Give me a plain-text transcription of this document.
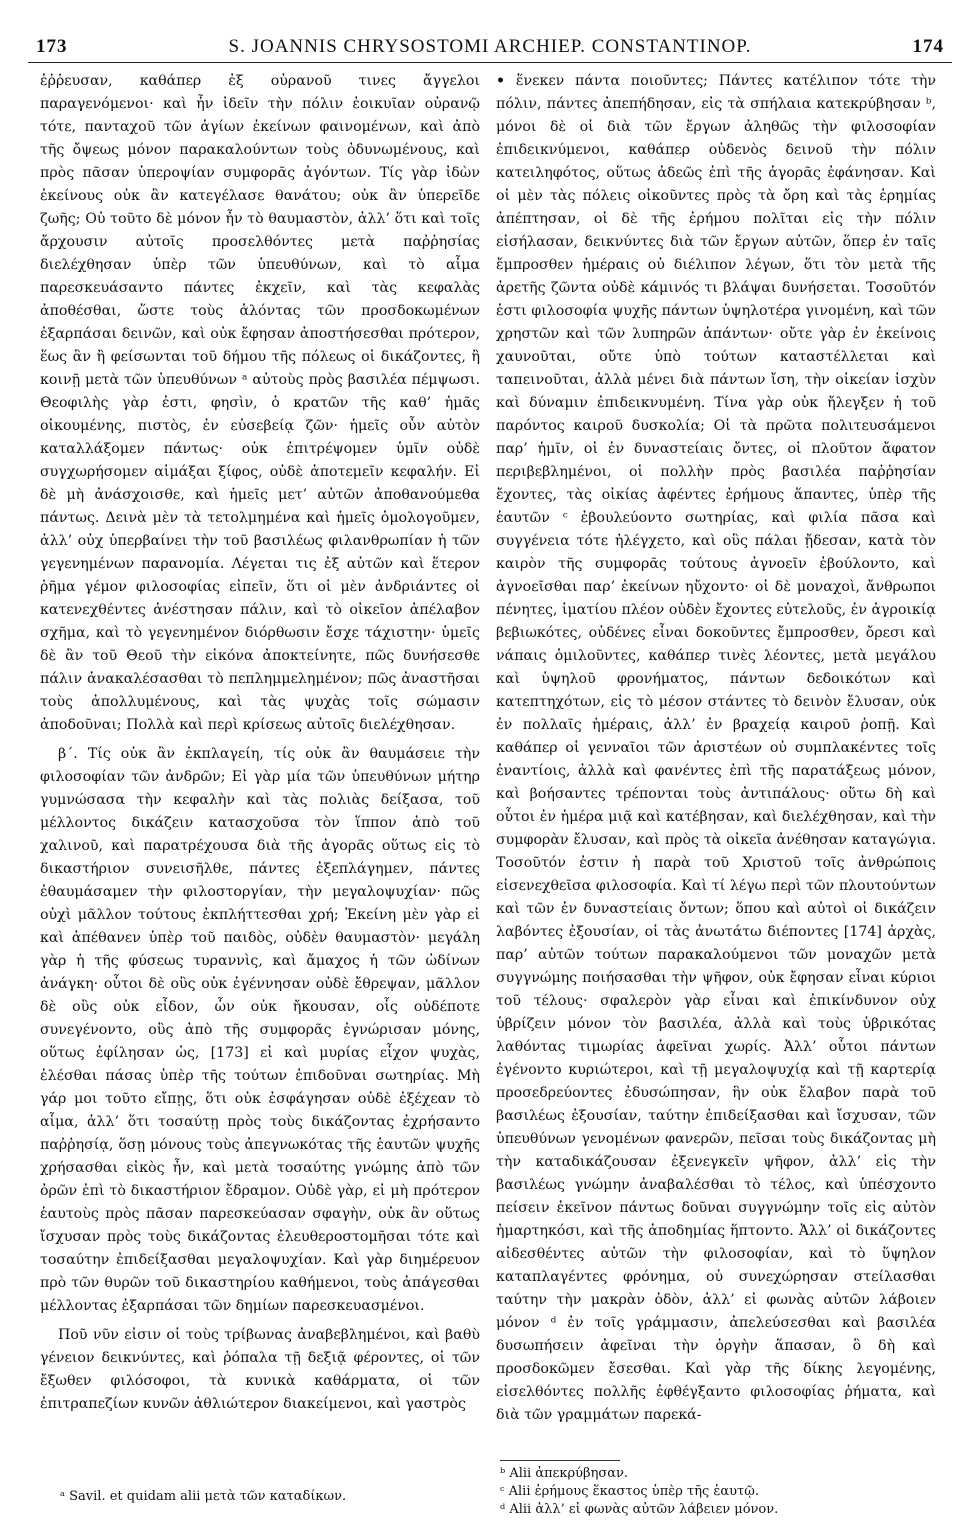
173	S. JOANNIS CHRYSOSTOMI ARCHIEP. CONSTANTINOP.	174

ἐῤῥευσαν, καθάπερ ἐξ οὐρανοῦ τινες ἄγγελοι παραγενόμενοι· καὶ ἦν ἰδεῖν τὴν πόλιν ἐοικυῖαν οὐρανῷ τότε, πανταχοῦ τῶν ἁγίων ἐκείνων φαινομένων, καὶ ἀπὸ τῆς ὄψεως μόνον παρακαλούντων τοὺς ὀδυνωμένους, καὶ πρὸς πᾶσαν ὑπεροψίαν συμφορᾶς ἀγόντων. Τίς γὰρ ἰδὼν ἐκείνους οὐκ ἂν κατεγέλασε θανάτου; οὐκ ἂν ὑπερεῖδε ζωῆς; Οὐ τοῦτο δὲ μόνον ἦν τὸ θαυμαστὸν, ἀλλ’ ὅτι καὶ τοῖς ἄρχουσιν αὐτοῖς προσελθόντες μετὰ παῤῥησίας διελέχθησαν ὑπὲρ τῶν ὑπευθύνων, καὶ τὸ αἷμα παρεσκευάσαντο πάντες ἐκχεῖν, καὶ τὰς κεφαλὰς ἀποθέσθαι, ὥστε τοὺς ἁλόντας τῶν προσδοκωμένων ἐξαρπάσαι δεινῶν, καὶ οὐκ ἔφησαν ἀποστήσεσθαι πρότερον, ἕως ἂν ἢ φείσωνται τοῦ δήμου τῆς πόλεως οἱ δικάζοντες, ἢ κοινῇ μετὰ τῶν ὑπευθύνων ᵃ αὐτοὺς πρὸς βασιλέα πέμψωσι. Θεοφιλὴς γὰρ ἐστι, φησὶν, ὁ κρατῶν τῆς καθ’ ἡμᾶς οἰκουμένης, πιστὸς, ἐν εὐσεβείᾳ ζῶν· ἡμεῖς οὖν αὐτὸν καταλλάξομεν πάντως· οὐκ ἐπιτρέψομεν ὑμῖν οὐδὲ συγχωρήσομεν αἱμάξαι ξίφος, οὐδὲ ἀποτεμεῖν κεφαλήν. Εἰ δὲ μὴ ἀνάσχοισθε, καὶ ἡμεῖς μετ’ αὐτῶν ἀποθανούμεθα πάντως. Δεινὰ μὲν τὰ τετολμημένα καὶ ἡμεῖς ὁμολογοῦμεν, ἀλλ’ οὐχ ὑπερβαίνει τὴν τοῦ βασιλέως φιλανθρωπίαν ἡ τῶν γεγενημένων παρανομία. Λέγεται τις ἐξ αὐτῶν καὶ ἕτερον ῥῆμα γέμον φιλοσοφίας εἰπεῖν, ὅτι οἱ μὲν ἀνδριάντες οἱ κατενεχθέντες ἀνέστησαν πάλιν, καὶ τὸ οἰκεῖον ἀπέλαβον σχῆμα, καὶ τὸ γεγενημένον διόρθωσιν ἔσχε τάχιστην· ὑμεῖς δὲ ἂν τοῦ Θεοῦ τὴν εἰκόνα ἀποκτείνητε, πῶς δυνήσεσθε πάλιν ἀνακαλέσασθαι τὸ πεπλημμελημένον; πῶς ἀναστῆσαι τοὺς ἀπολλυμένους, καὶ τὰς ψυχὰς τοῖς σώμασιν ἀποδοῦναι; Πολλὰ καὶ περὶ κρίσεως αὐτοῖς διελέχθησαν.

β΄. Τίς οὐκ ἂν ἐκπλαγείη, τίς οὐκ ἂν θαυμάσειε τὴν φιλοσοφίαν τῶν ἀνδρῶν; Εἰ γὰρ μία τῶν ὑπευθύνων μήτηρ γυμνώσασα τὴν κεφαλὴν καὶ τὰς πολιὰς δείξασα, τοῦ μέλλοντος δικάζειν κατασχοῦσα τὸν ἵππον ἀπὸ τοῦ χαλινοῦ, καὶ παρατρέχουσα διὰ τῆς ἀγορᾶς οὕτως εἰς τὸ δικαστήριον συνεισῆλθε, πάντες ἐξεπλάγημεν, πάντες ἐθαυμάσαμεν τὴν φιλοστοργίαν, τὴν μεγαλοψυχίαν· πῶς οὐχὶ μᾶλλον τούτους ἐκπλήττεσθαι χρή; Ἐκείνη μὲν γὰρ εἰ καὶ ἀπέθανεν ὑπὲρ τοῦ παιδὸς, οὐδὲν θαυμαστὸν· μεγάλη γὰρ ἡ τῆς φύσεως τυραννὶς, καὶ ἄμαχος ἡ τῶν ὠδίνων ἀνάγκη· οὗτοι δὲ οὓς οὐκ ἐγέννησαν οὐδὲ ἔθρεψαν, μᾶλλον δὲ οὓς οὐκ εἶδον, ὧν οὐκ ἤκουσαν, οἷς οὐδέποτε συνεγένοντο, οὓς ἀπὸ τῆς συμφορᾶς ἐγνώρισαν μόνης, οὕτως ἐφίλησαν ὡς, [173] εἰ καὶ μυρίας εἶχον ψυχὰς, ἑλέσθαι πάσας ὑπὲρ τῆς τούτων ἐπιδοῦναι σωτηρίας. Μὴ γάρ μοι τοῦτο εἴπῃς, ὅτι οὐκ ἐσφάγησαν οὐδὲ ἐξέχεαν τὸ αἷμα, ἀλλ’ ὅτι τοσαύτῃ πρὸς τοὺς δικάζοντας ἐχρήσαντο παῤῥησίᾳ, ὅσῃ μόνους τοὺς ἀπεγνωκότας τῆς ἑαυτῶν ψυχῆς χρήσασθαι εἰκὸς ἦν, καὶ μετὰ τοσαύτης γνώμης ἀπὸ τῶν ὀρῶν ἐπὶ τὸ δικαστήριον ἔδραμον. Οὐδὲ γὰρ, εἰ μὴ πρότερον ἑαυτοὺς πρὸς πᾶσαν παρεσκεύασαν σφαγὴν, οὐκ ἂν οὕτως ἴσχυσαν πρὸς τοὺς δικάζοντας ἐλευθεροστομῆσαι τότε καὶ τοσαύτην ἐπιδείξασθαι μεγαλοψυχίαν. Καὶ γὰρ διημέρευον πρὸ τῶν θυρῶν τοῦ δικαστηρίου καθήμενοι, τοὺς ἀπάγεσθαι μέλλοντας ἐξαρπάσαι τῶν δημίων παρεσκευασμένοι.

Ποῦ νῦν εἰσιν οἱ τοὺς τρίβωνας ἀναβεβλημένοι, καὶ βαθὺ γένειον δεικνύντες, καὶ ῥόπαλα τῇ δεξιᾷ φέροντες, οἱ τῶν ἔξωθεν φιλόσοφοι, τὰ κυνικὰ καθάρματα, οἱ τῶν ἐπιτραπεζίων κυνῶν ἀθλιώτερον διακείμενοι, καὶ γαστρὸς

• ἕνεκεν πάντα ποιοῦντες; Πάντες κατέλιπον τότε τὴν πόλιν, πάντες ἀπεπήδησαν, εἰς τὰ σπήλαια κατεκρύβησαν ᵇ, μόνοι δὲ οἱ διὰ τῶν ἔργων ἀληθῶς τὴν φιλοσοφίαν ἐπιδεικνύμενοι, καθάπερ οὐδενὸς δεινοῦ τὴν πόλιν κατειληφότος, οὕτως ἀδεῶς ἐπὶ τῆς ἀγορᾶς ἐφάνησαν. Καὶ οἱ μὲν τὰς πόλεις οἰκοῦντες πρὸς τὰ ὄρη καὶ τὰς ἐρημίας ἀπέπτησαν, οἱ δὲ τῆς ἐρήμου πολῖται εἰς τὴν πόλιν εἰσήλασαν, δεικνύντες διὰ τῶν ἔργων αὐτῶν, ὅπερ ἐν ταῖς ἔμπροσθεν ἡμέραις οὐ διέλιπον λέγων, ὅτι τὸν μετὰ τῆς ἀρετῆς ζῶντα οὐδὲ κάμινός τι βλάψαι δυνήσεται. Τοσοῦτόν ἐστι φιλοσοφία ψυχῆς πάντων ὑψηλοτέρα γινομένη, καὶ τῶν χρηστῶν καὶ τῶν λυπηρῶν ἁπάντων· οὔτε γὰρ ἐν ἐκείνοις χαυνοῦται, οὔτε ὑπὸ τούτων καταστέλλεται καὶ ταπεινοῦται, ἀλλὰ μένει διὰ πάντων ἴση, τὴν οἰκείαν ἰσχὺν καὶ δύναμιν ἐπιδεικνυμένη. Τίνα γὰρ οὐκ ἤλεγξεν ἡ τοῦ παρόντος καιροῦ δυσκολία; Οἱ τὰ πρῶτα πολιτευσάμενοι παρ’ ἡμῖν, οἱ ἐν δυναστείαις ὄντες, οἱ πλοῦτον ἄφατον περιβεβλημένοι, οἱ πολλὴν πρὸς βασιλέα παῤῥησίαν ἔχοντες, τὰς οἰκίας ἀφέντες ἐρήμους ἅπαντες, ὑπὲρ τῆς ἑαυτῶν ᶜ ἐβουλεύοντο σωτηρίας, καὶ φιλία πᾶσα καὶ συγγένεια τότε ἠλέγχετο, καὶ οὓς πάλαι ᾔδεσαν, κατὰ τὸν καιρὸν τῆς συμφορᾶς τούτους ἀγνοεῖν ἐβούλοντο, καὶ ἀγνοεῖσθαι παρ’ ἐκείνων ηὔχοντο· οἱ δὲ μοναχοὶ, ἄνθρωποι πένητες, ἱματίου πλέον οὐδὲν ἔχοντες εὐτελοῦς, ἐν ἀγροικίᾳ βεβιωκότες, οὐδένες εἶναι δοκοῦντες ἔμπροσθεν, ὄρεσι καὶ νάπαις ὁμιλοῦντες, καθάπερ τινὲς λέοντες, μετὰ μεγάλου καὶ ὑψηλοῦ φρονήματος, πάντων δεδοικότων καὶ κατεπτηχότων, εἰς τὸ μέσον στάντες τὸ δεινὸν ἔλυσαν, οὐκ ἐν πολλαῖς ἡμέραις, ἀλλ’ ἐν βραχείᾳ καιροῦ ῥοπῇ. Καὶ καθάπερ οἱ γενναῖοι τῶν ἀριστέων οὐ συμπλακέντες τοῖς ἐναντίοις, ἀλλὰ καὶ φανέντες ἐπὶ τῆς παρατάξεως μόνον, καὶ βοήσαντες τρέπονται τοὺς ἀντιπάλους· οὕτω δὴ καὶ οὗτοι ἐν ἡμέρα μιᾷ καὶ κατέβησαν, καὶ διελέχθησαν, καὶ τὴν συμφορὰν ἔλυσαν, καὶ πρὸς τὰ οἰκεῖα ἀνέθησαν καταγώγια. Τοσοῦτόν ἐστιν ἡ παρὰ τοῦ Χριστοῦ τοῖς ἀνθρώποις εἰσενεχθεῖσα φιλοσοφία. Καὶ τί λέγω περὶ τῶν πλουτούντων καὶ τῶν ἐν δυναστείαις ὄντων; ὅπου καὶ αὐτοὶ οἱ δικάζειν λαβόντες ἐξουσίαν, οἱ τὰς ἀνωτάτω διέποντες [174] ἀρχὰς, παρ’ αὐτῶν τούτων παρακαλούμενοι τῶν μοναχῶν μετὰ συγγνώμης ποιήσασθαι τὴν ψῆφον, οὐκ ἔφησαν εἶναι κύριοι τοῦ τέλους· σφαλερὸν γὰρ εἶναι καὶ ἐπικίνδυνον οὐχ ὑβρίζειν μόνον τὸν βασιλέα, ἀλλὰ καὶ τοὺς ὑβρικότας λαθόντας τιμωρίας ἀφεῖναι χωρίς. Ἀλλ’ οὗτοι πάντων ἐγένοντο κυριώτεροι, καὶ τῇ μεγαλοψυχίᾳ καὶ τῇ καρτερίᾳ προσεδρεύοντες ἐδυσώπησαν, ἣν οὐκ ἔλαβον παρὰ τοῦ βασιλέως ἐξουσίαν, ταύτην ἐπιδείξασθαι καὶ ἴσχυσαν, τῶν ὑπευθύνων γενομένων φανερῶν, πεῖσαι τοὺς δικάζοντας μὴ τὴν καταδικάζουσαν ἐξενεγκεῖν ψῆφον, ἀλλ’ εἰς τὴν βασιλέως γνώμην ἀναβαλέσθαι τὸ τέλος, καὶ ὑπέσχοντο πείσειν ἐκεῖνον πάντως δοῦναι συγγνώμην τοῖς εἰς αὐτὸν ἡμαρτηκόσι, καὶ τῆς ἀποδημίας ἥπτοντο. Ἀλλ’ οἱ δικάζοντες αἰδεσθέντες αὐτῶν τὴν φιλοσοφίαν, καὶ τὸ ὕψηλον καταπλαγέντες φρόνημα, οὐ συνεχώρησαν στείλασθαι ταύτην τὴν μακρὰν ὁδὸν, ἀλλ’ εἰ φωνὰς αὐτῶν λάβοιεν μόνον ᵈ ἐν τοῖς γράμμασιν, ἀπελεύσεσθαι καὶ βασιλέα δυσωπήσειν ἀφεῖναι τὴν ὀργὴν ἅπασαν, ὃ δὴ καὶ προσδοκῶμεν ἔσεσθαι. Καὶ γὰρ τῆς δίκης λεγομένης, εἰσελθόντες πολλῆς ἐφθέγξαντο φιλοσοφίας ῥήματα, καὶ διὰ τῶν γραμμάτων παρεκά-

ᵃ Savil. et quidam alii μετὰ τῶν καταδίκων.
ᵇ Alii ἀπεκρύβησαν.
ᶜ Alii ἐρήμους ἕκαστος ὑπὲρ τῆς ἑαυτῷ.
ᵈ Alii ἀλλ’ εἰ φωνὰς αὐτῶν λάβειεν μόνον.
